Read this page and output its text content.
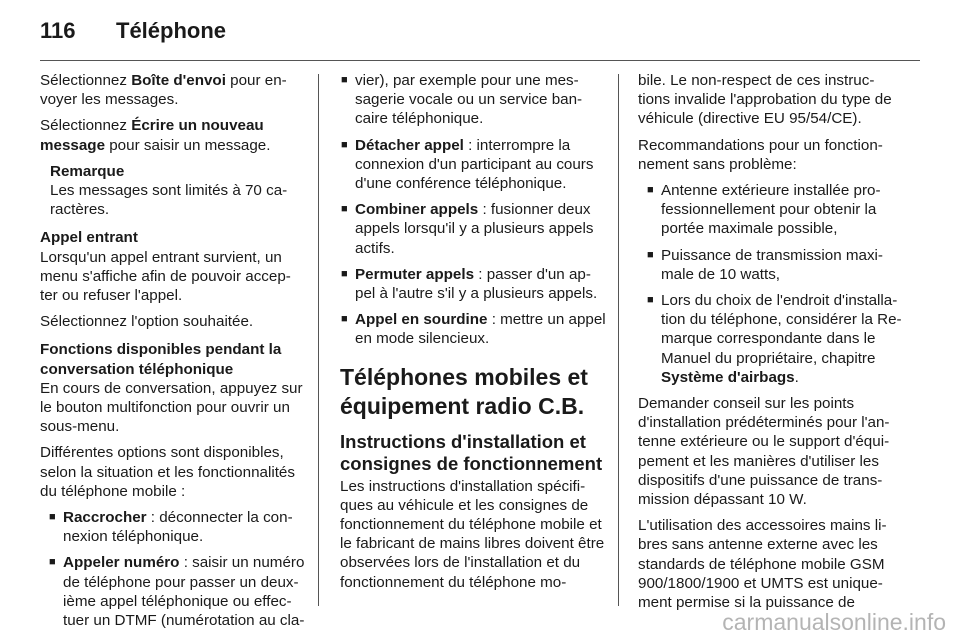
116 Téléphone

Sélectionnez Boîte d'envoi pour en-voyer les messages.

Sélectionnez Écrire un nouveau message pour saisir un message.

Remarque
Les messages sont limités à 70 ca-ractères.
Appel entrant

Lorsqu'un appel entrant survient, un menu s'affiche afin de pouvoir accep-ter ou refuser l'appel.

Sélectionnez l'option souhaitée.

Fonctions disponibles pendant la conversation téléphonique

En cours de conversation, appuyez sur le bouton multifonction pour ouvrir un sous-menu.

Différentes options sont disponibles, selon la situation et les fonctionnalités du téléphone mobile :

■ Raccrocher : déconnecter la con-nexion téléphonique.
■ Appeler numéro : saisir un numéro de téléphone pour passer un deux-ième appel téléphonique ou effec-tuer un DTMF (numérotation au cla-
■ vier), par exemple pour une mes-sagerie vocale ou un service ban-caire téléphonique.
■ Détacher appel : interrompre la connexion d'un participant au cours d'une conférence téléphonique.
■ Combiner appels : fusionner deux appels lorsqu'il y a plusieurs appels actifs.
■ Permuter appels : passer d'un ap-pel à l'autre s'il y a plusieurs appels.
■ Appel en sourdine : mettre un appel en mode silencieux.
Téléphones mobiles et équipement radio C.B.
Instructions d'installation et consignes de fonctionnement

Les instructions d'installation spécifi-ques au véhicule et les consignes de fonctionnement du téléphone mobile et le fabricant de mains libres doivent être observées lors de l'installation et du fonctionnement du téléphone mo-

bile. Le non-respect de ces instruc-tions invalide l'approbation du type de véhicule (directive EU 95/54/CE).

Recommandations pour un fonction-nement sans problème:

■ Antenne extérieure installée pro-fessionnellement pour obtenir la portée maximale possible,
■ Puissance de transmission maxi-male de 10 watts,
■ Lors du choix de l'endroit d'installa-tion du téléphone, considérer la Re-marque correspondante dans le Manuel du propriétaire, chapitre Système d'airbags.

Demander conseil sur les points d'installation prédéterminés pour l'an-tenne extérieure ou le support d'équi-pement et les manières d'utiliser les dispositifs d'une puissance de trans-mission dépassant 10 W.

L'utilisation des accessoires mains li-bres sans antenne externe avec les standards de téléphone mobile GSM 900/1800/1900 et UMTS est unique-ment permise si la puissance de

carmanualsonline.info
